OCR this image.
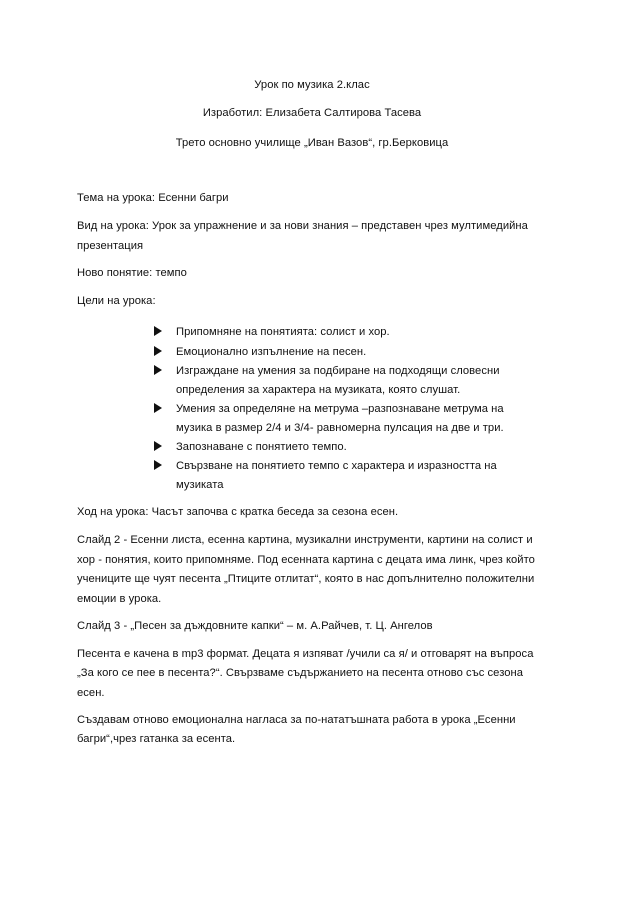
Урок по музика 2.клас
Изработил: Елизабета Салтирова Тасева
Трето основно училище „Иван Вазов“, гр.Берковица
Тема на урока: Есенни багри
Вид на урока: Урок за упражнение и за нови знания – представен чрез мултимедийна
презентация
Ново понятие: темпо
Цели на урока:
Припомняне на понятията: солист и хор.
Емоционално изпълнение на песен.
Изграждане на умения за подбиране на подходящи словесни
определения за характера на музиката, която слушат.
Умения за определяне на метрума –разпознаване метрума на
музика в размер 2/4 и 3/4- равномерна пулсация на две и три.
Запознаване с понятието темпо.
Свързване на понятието темпо с характера и изразността на
музиката
Ход на урока: Часът започва с кратка беседа за сезона есен.
Слайд 2 - Есенни листа, есенна картина, музикални инструменти, картини на солист и
хор - понятия, които припомняме. Под есенната картина с децата има линк, чрез който
учениците ще чуят песента „Птиците отлитат“, която в нас допълнително положителни
емоции в урока.
Слайд 3 - „Песен за дъждовните капки“ – м. А.Райчев, т. Ц. Ангелов
Песента е качена в mp3 формат. Децата я изпяват /учили са я/ и отговарят на въпроса
„За кого се пее в песента?“. Свързваме съдържанието на песента отново със сезона
есен.
Създавам отново емоционална нагласа за по-нататъшната работа в урока „Есенни
багри“,чрез гатанка за есента.
